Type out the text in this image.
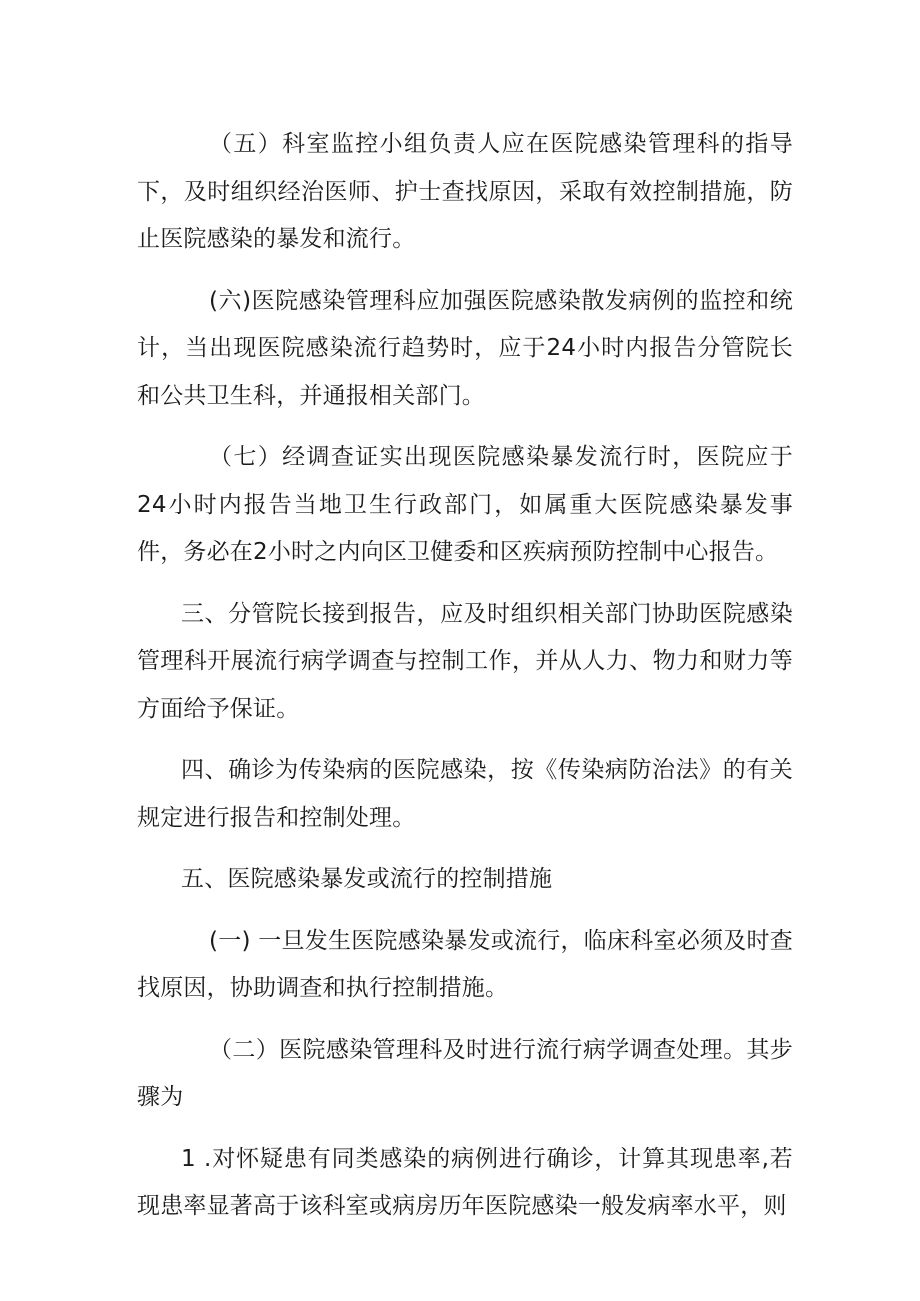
（五）科室监控小组负责人应在医院感染管理科的指导下，及时组织经治医师、护士查找原因，采取有效控制措施，防止医院感染的暴发和流行。

(六)医院感染管理科应加强医院感染散发病例的监控和统计，当出现医院感染流行趋势时，应于24小时内报告分管院长和公共卫生科，并通报相关部门。

（七）经调查证实出现医院感染暴发流行时，医院应于24小时内报告当地卫生行政部门，如属重大医院感染暴发事件，务必在2小时之内向区卫健委和区疾病预防控制中心报告。

三、分管院长接到报告，应及时组织相关部门协助医院感染管理科开展流行病学调查与控制工作，并从人力、物力和财力等方面给予保证。

四、确诊为传染病的医院感染，按《传染病防治法》的有关规定进行报告和控制处理。

五、医院感染暴发或流行的控制措施

(一) 一旦发生医院感染暴发或流行，临床科室必须及时查找原因，协助调查和执行控制措施。

（二）医院感染管理科及时进行流行病学调查处理。其步骤为

1 .对怀疑患有同类感染的病例进行确诊，计算其现患率,若现患率显著高于该科室或病房历年医院感染一般发病率水平，则
